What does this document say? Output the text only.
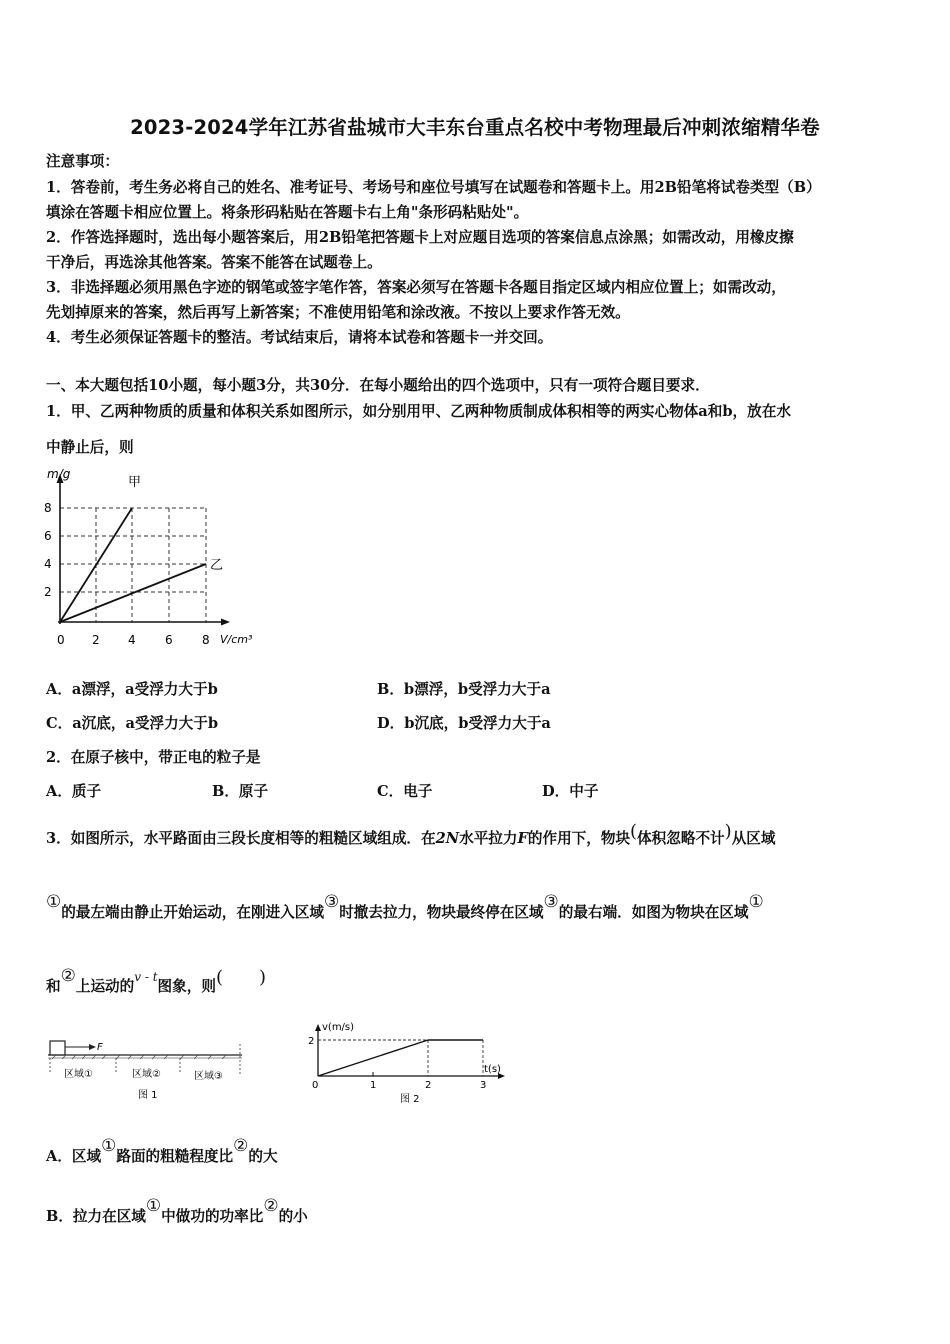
2023-2024学年江苏省盐城市大丰东台重点名校中考物理最后冲刺浓缩精华卷
注意事项：
1．答卷前，考生务必将自己的姓名、准考证号、考场号和座位号填写在试题卷和答题卡上。用2B铅笔将试卷类型（B）
填涂在答题卡相应位置上。将条形码粘贴在答题卡右上角"条形码粘贴处"。
2．作答选择题时，选出每小题答案后，用2B铅笔把答题卡上对应题目选项的答案信息点涂黑；如需改动，用橡皮擦
干净后，再选涂其他答案。答案不能答在试题卷上。
3．非选择题必须用黑色字迹的钢笔或签字笔作答，答案必须写在答题卡各题目指定区域内相应位置上；如需改动，
先划掉原来的答案，然后再写上新答案；不准使用铅笔和涂改液。不按以上要求作答无效。
4．考生必须保证答题卡的整洁。考试结束后，请将本试卷和答题卡一并交回。
一、本大题包括10小题，每小题3分，共30分．在每小题给出的四个选项中，只有一项符合题目要求．
1．甲、乙两种物质的质量和体积关系如图所示，如分别用甲、乙两种物质制成体积相等的两实心物体a和b，放在水
中静止后，则
m/g
甲
乙
8
6
4
2
0 2 4 6 8 V/cm³
A．a漂浮，a受浮力大于b	B．b漂浮，b受浮力大于a
C．a沉底，a受浮力大于b	D．b沉底，b受浮力大于a
2．在原子核中，带正电的粒子是
A．质子	B．原子	C．电子	D．中子
3．如图所示，水平路面由三段长度相等的粗糙区域组成．在2N水平拉力F的作用下，物块(体积忽略不计)从区域
①的最左端由静止开始运动，在刚进入区域③时撤去拉力，物块最终停在区域③的最右端．如图为物块在区域①
和②上运动的$^{v - t}$图象，则( )
F
区域①	区域②	区域③
图 1
v(m/s)
2
0	1	2	3
t(s)
图 2
A．区域①路面的粗糙程度比②的大
B．拉力在区域①中做功的功率比②的小
